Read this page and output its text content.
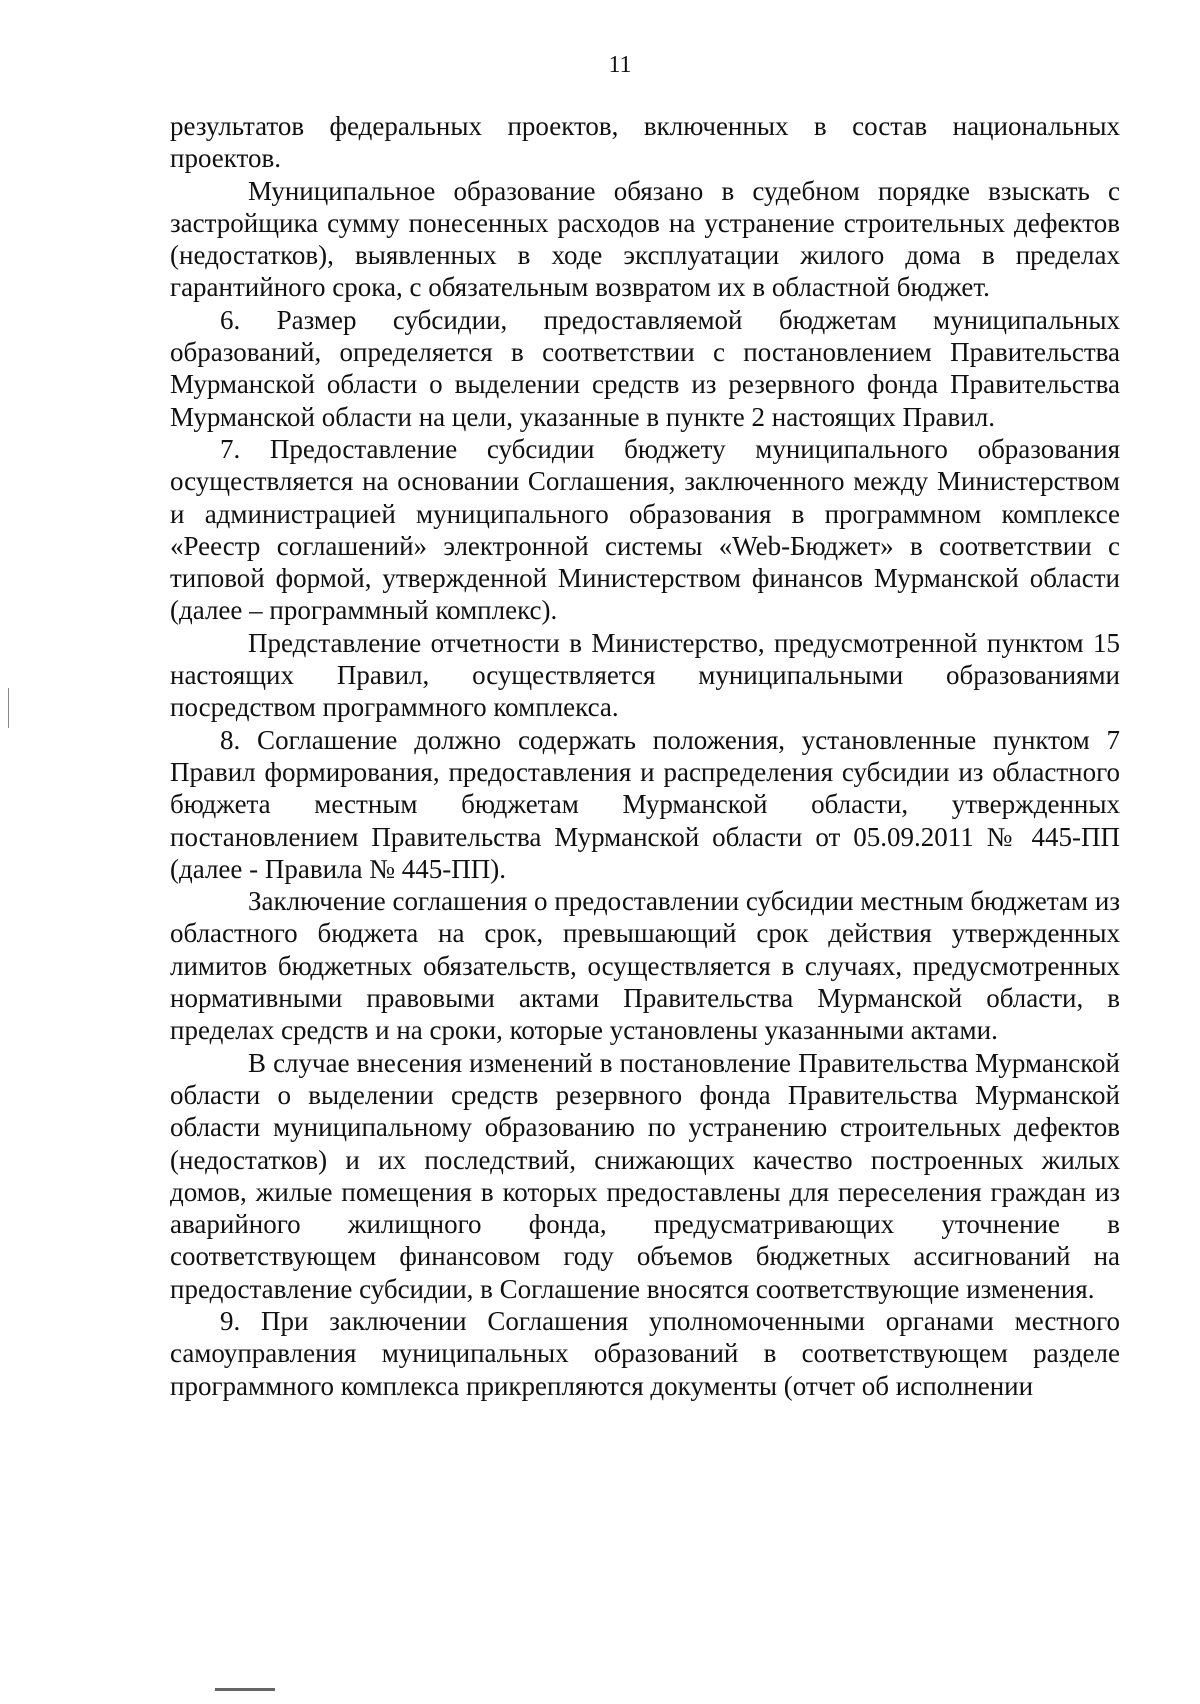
11

результатов федеральных проектов, включенных в состав национальных проектов.

Муниципальное образование обязано в судебном порядке взыскать с застройщика сумму понесенных расходов на устранение строительных дефектов (недостатков), выявленных в ходе эксплуатации жилого дома в пределах гарантийного срока, с обязательным возвратом их в областной бюджет.

6. Размер субсидии, предоставляемой бюджетам муниципальных образований, определяется в соответствии с постановлением Правительства Мурманской области о выделении средств из резервного фонда Правительства Мурманской области на цели, указанные в пункте 2 настоящих Правил.

7. Предоставление субсидии бюджету муниципального образования осуществляется на основании Соглашения, заключенного между Министерством и администрацией муниципального образования в программном комплексе «Реестр соглашений» электронной системы «Web-Бюджет» в соответствии с типовой формой, утвержденной Министерством финансов Мурманской области (далее – программный комплекс).

Представление отчетности в Министерство, предусмотренной пунктом 15 настоящих Правил, осуществляется муниципальными образованиями посредством программного комплекса.

8. Соглашение должно содержать положения, установленные пунктом 7 Правил формирования, предоставления и распределения субсидии из областного бюджета местным бюджетам Мурманской области, утвержденных постановлением Правительства Мурманской области от 05.09.2011 № 445-ПП (далее - Правила № 445-ПП).

Заключение соглашения о предоставлении субсидии местным бюджетам из областного бюджета на срок, превышающий срок действия утвержденных лимитов бюджетных обязательств, осуществляется в случаях, предусмотренных нормативными правовыми актами Правительства Мурманской области, в пределах средств и на сроки, которые установлены указанными актами.

В случае внесения изменений в постановление Правительства Мурманской области о выделении средств резервного фонда Правительства Мурманской области муниципальному образованию по устранению строительных дефектов (недостатков) и их последствий, снижающих качество построенных жилых домов, жилые помещения в которых предоставлены для переселения граждан из аварийного жилищного фонда, предусматривающих уточнение в соответствующем финансовом году объемов бюджетных ассигнований на предоставление субсидии, в Соглашение вносятся соответствующие изменения.

9. При заключении Соглашения уполномоченными органами местного самоуправления муниципальных образований в соответствующем разделе программного комплекса прикрепляются документы (отчет об исполнении
